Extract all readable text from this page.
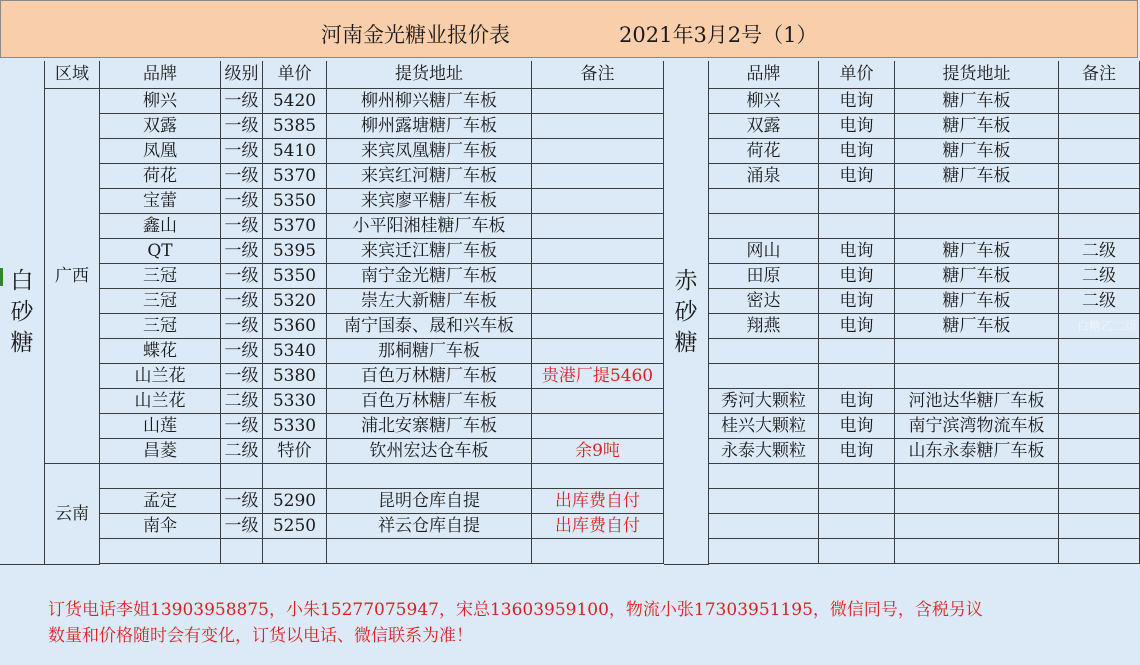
河南金光糖业报价表	2021年3月2号（1）
白
砂
糖
区域	品牌	级别	单价	提货地址	备注
广西
云南
赤
砂
糖
品牌	单价	提货地址	备注
柳兴	一级 5420	柳州柳兴糖厂车板
双露	一级 5385	柳州露塘糖厂车板
凤凰	一级 5410	来宾凤凰糖厂车板
荷花	一级 5370	来宾红河糖厂车板
宝蕾	一级 5350	来宾廖平糖厂车板
鑫山	一级 5370	小平阳湘桂糖厂车板
QT	一级 5395	来宾迁江糖厂车板
三冠	一级 5350	南宁金光糖厂车板
三冠	一级 5320	崇左大新糖厂车板
三冠	一级 5360	南宁国泰、晟和兴车板
蝶花	一级 5340	那桐糖厂车板
山兰花	一级 5380	百色万林糖厂车板	贵港厂提5460
山兰花	二级 5330	百色万林糖厂车板
山莲	一级 5330	浦北安寨糖厂车板
昌菱	二级	特价	钦州宏达仓车板	余9吨
孟定	一级 5290	昆明仓库自提	出库费自付
南伞	一级 5250	祥云仓库自提	出库费自付
柳兴	电询	糖厂车板
双露	电询	糖厂车板
荷花	电询	糖厂车板
涌泉	电询	糖厂车板
网山	电询	糖厂车板	二级
田原	电询	糖厂车板	二级
密达	电询	糖厂车板	二级
翔燕	电询	糖厂车板	白糖乙二级
秀河大颗粒	电询	河池达华糖厂车板
桂兴大颗粒	电询	南宁滨湾物流车板
永泰大颗粒	电询	山东永泰糖厂车板
订货电话李姐13903958875，小朱15277075947，宋总13603959100，物流小张17303951195，微信同号，含税另议
数量和价格随时会有变化，订货以电话、微信联系为准！
